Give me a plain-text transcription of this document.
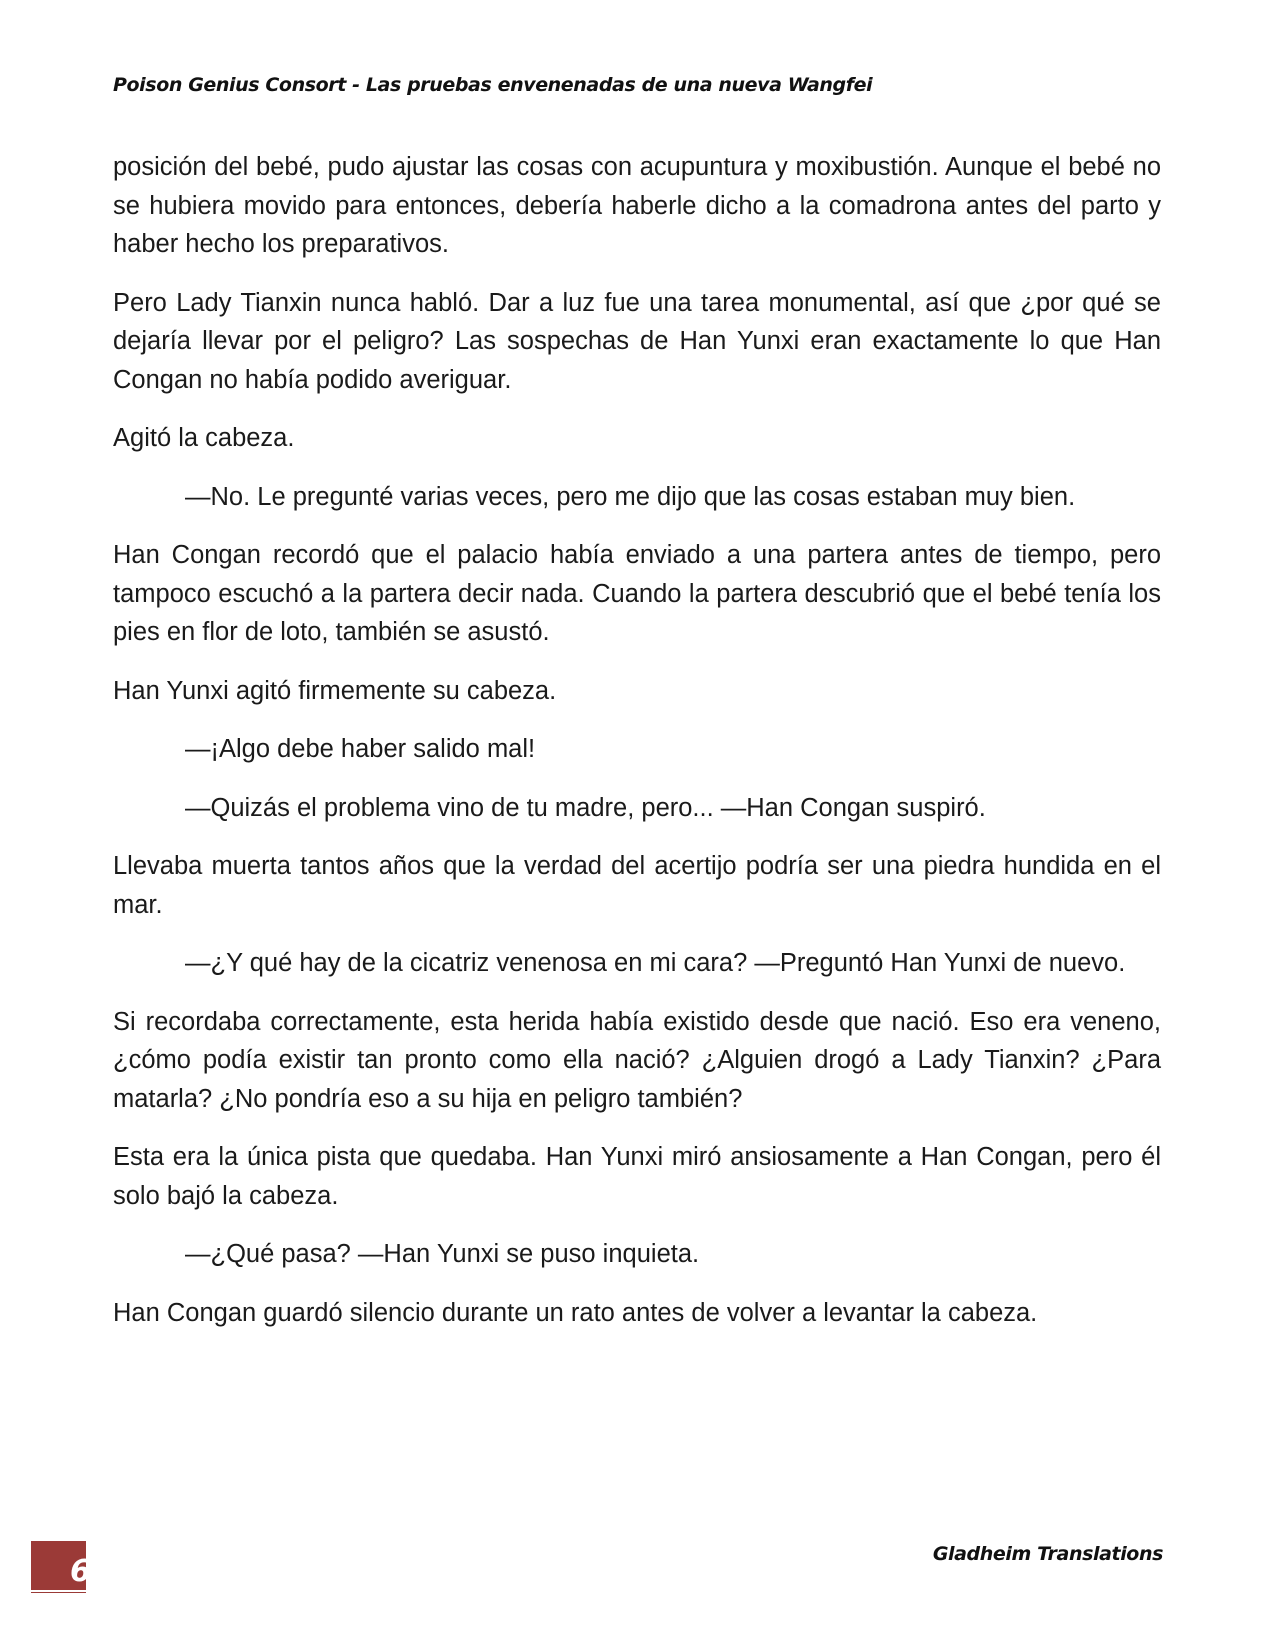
Poison Genius Consort - Las pruebas envenenadas de una nueva Wangfei

posición del bebé, pudo ajustar las cosas con acupuntura y moxibustión. Aunque el bebé no se hubiera movido para entonces, debería haberle dicho a la comadrona antes del parto y haber hecho los preparativos.

Pero Lady Tianxin nunca habló. Dar a luz fue una tarea monumental, así que ¿por qué se dejaría llevar por el peligro? Las sospechas de Han Yunxi eran exactamente lo que Han Congan no había podido averiguar.

Agitó la cabeza.

—No. Le pregunté varias veces, pero me dijo que las cosas estaban muy bien.

Han Congan recordó que el palacio había enviado a una partera antes de tiempo, pero tampoco escuchó a la partera decir nada. Cuando la partera descubrió que el bebé tenía los pies en flor de loto, también se asustó.

Han Yunxi agitó firmemente su cabeza.

—¡Algo debe haber salido mal!

—Quizás el problema vino de tu madre, pero... —Han Congan suspiró.

Llevaba muerta tantos años que la verdad del acertijo podría ser una piedra hundida en el mar.

—¿Y qué hay de la cicatriz venenosa en mi cara? —Preguntó Han Yunxi de nuevo.

Si recordaba correctamente, esta herida había existido desde que nació. Eso era veneno, ¿cómo podía existir tan pronto como ella nació? ¿Alguien drogó a Lady Tianxin? ¿Para matarla? ¿No pondría eso a su hija en peligro también?

Esta era la única pista que quedaba. Han Yunxi miró ansiosamente a Han Congan, pero él solo bajó la cabeza.

—¿Qué pasa? —Han Yunxi se puso inquieta.

Han Congan guardó silencio durante un rato antes de volver a levantar la cabeza.

6	Gladheim Translations
